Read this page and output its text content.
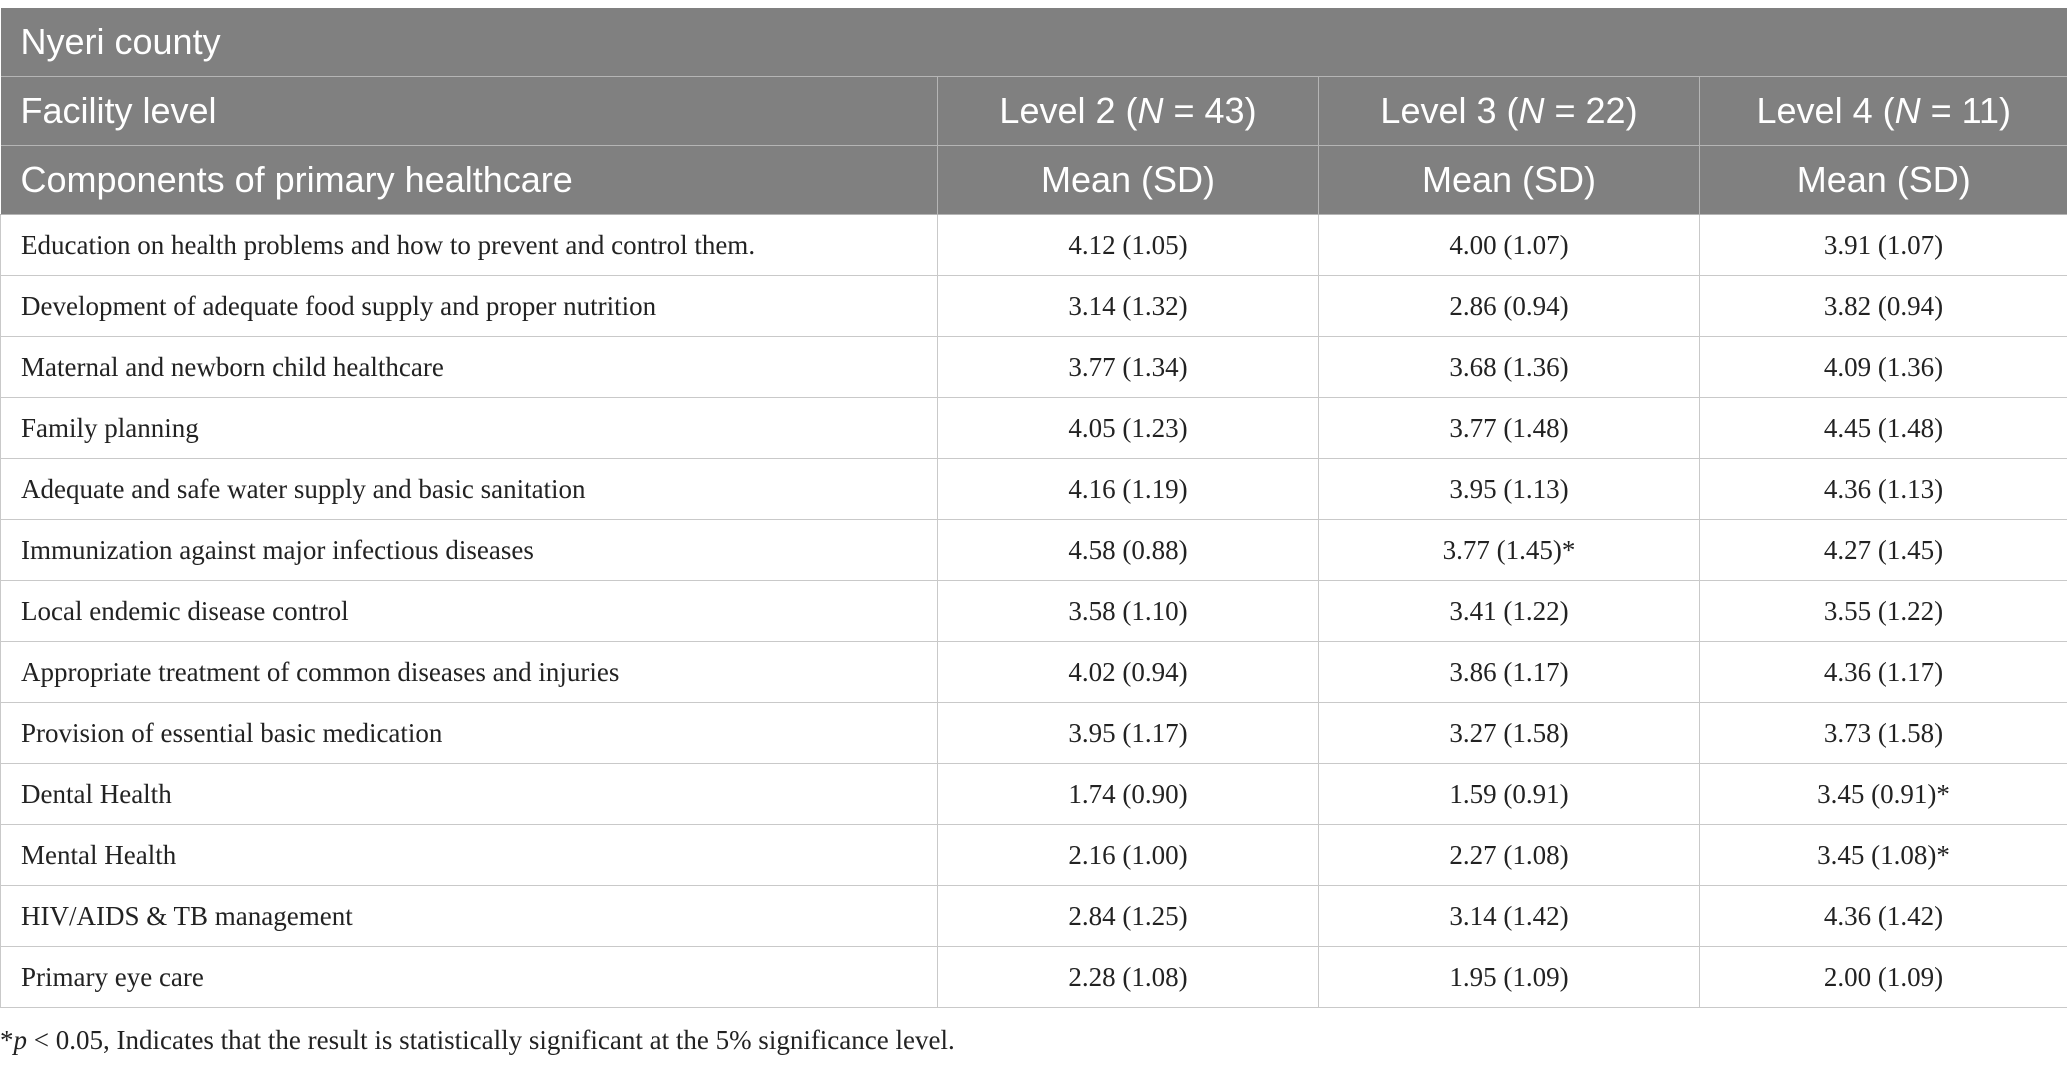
Nyeri county			
Facility level	Level 2 (N = 43)	Level 3 (N = 22)	Level 4 (N = 11)
Components of primary healthcare	Mean (SD)	Mean (SD)	Mean (SD)
Education on health problems and how to prevent and control them.	4.12 (1.05)	4.00 (1.07)	3.91 (1.07)
Development of adequate food supply and proper nutrition	3.14 (1.32)	2.86 (0.94)	3.82 (0.94)
Maternal and newborn child healthcare	3.77 (1.34)	3.68 (1.36)	4.09 (1.36)
Family planning	4.05 (1.23)	3.77 (1.48)	4.45 (1.48)
Adequate and safe water supply and basic sanitation	4.16 (1.19)	3.95 (1.13)	4.36 (1.13)
Immunization against major infectious diseases	4.58 (0.88)	3.77 (1.45)*	4.27 (1.45)
Local endemic disease control	3.58 (1.10)	3.41 (1.22)	3.55 (1.22)
Appropriate treatment of common diseases and injuries	4.02 (0.94)	3.86 (1.17)	4.36 (1.17)
Provision of essential basic medication	3.95 (1.17)	3.27 (1.58)	3.73 (1.58)
Dental Health	1.74 (0.90)	1.59 (0.91)	3.45 (0.91)*
Mental Health	2.16 (1.00)	2.27 (1.08)	3.45 (1.08)*
HIV/AIDS & TB management	2.84 (1.25)	3.14 (1.42)	4.36 (1.42)
Primary eye care	2.28 (1.08)	1.95 (1.09)	2.00 (1.09)
*p < 0.05, Indicates that the result is statistically significant at the 5% significance level.
